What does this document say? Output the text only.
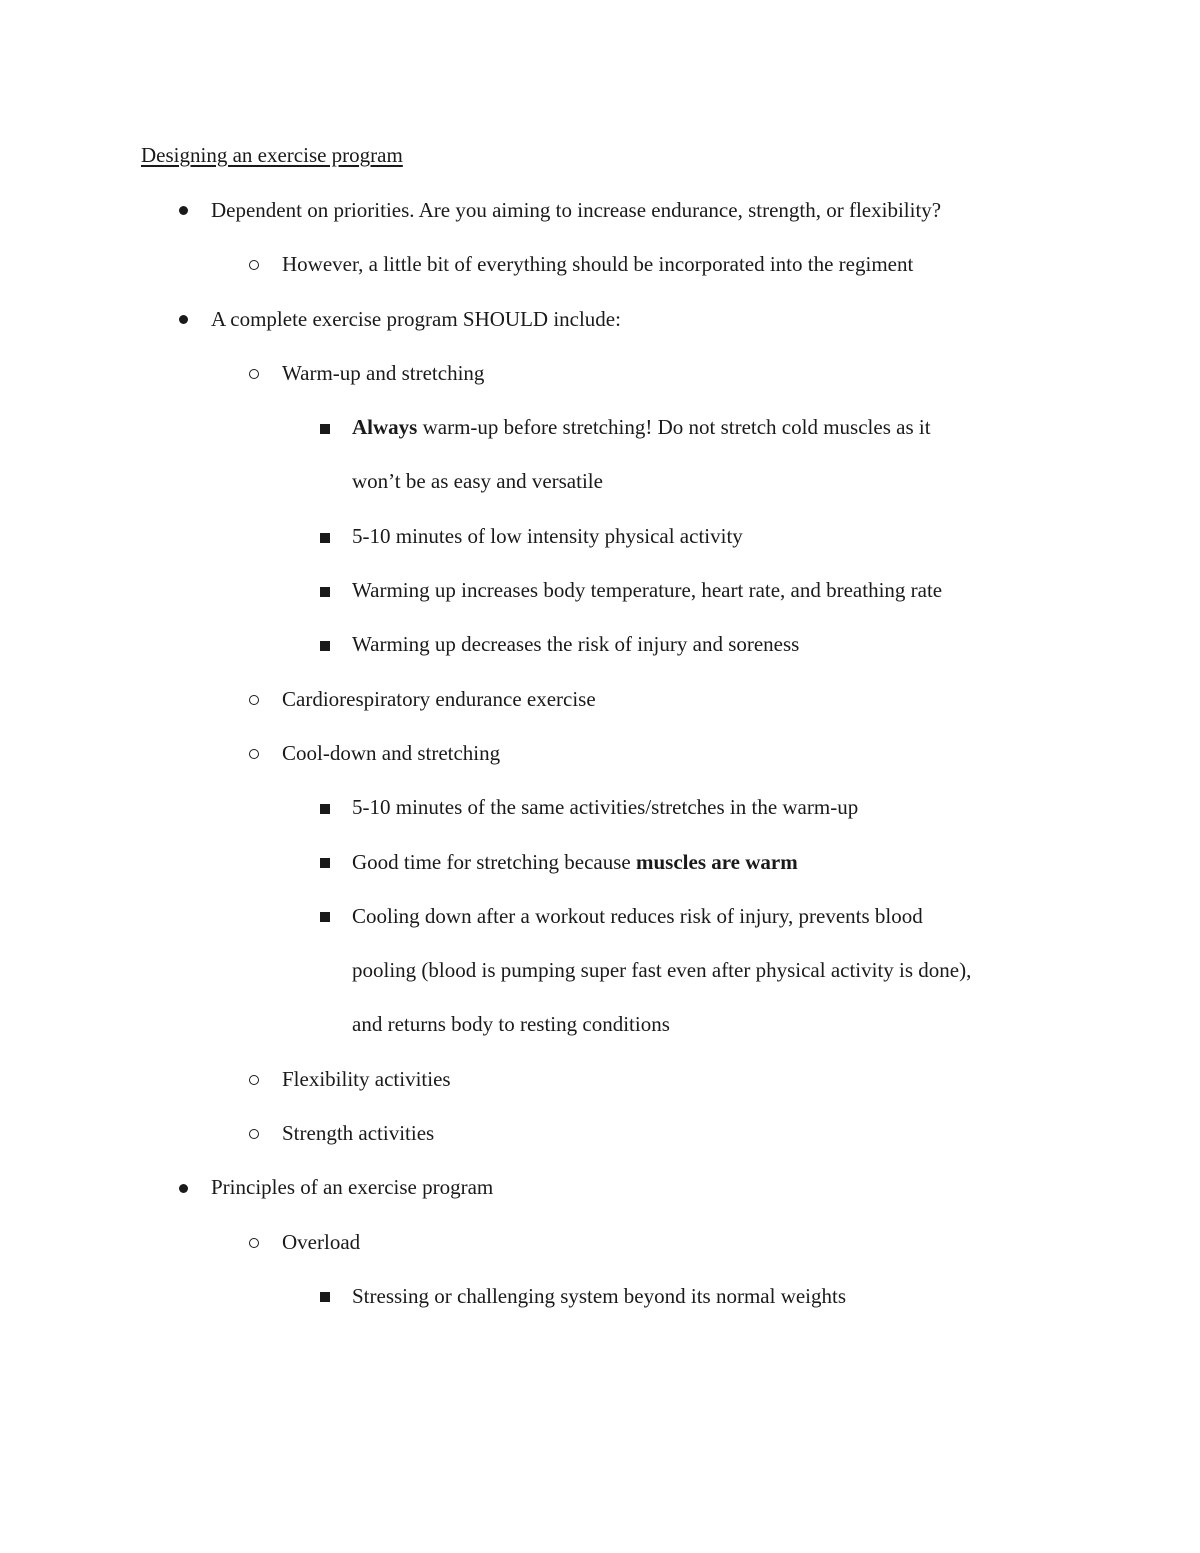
Designing an exercise program
Dependent on priorities. Are you aiming to increase endurance, strength, or flexibility?
However, a little bit of everything should be incorporated into the regiment
A complete exercise program SHOULD include:
Warm-up and stretching
Always warm-up before stretching! Do not stretch cold muscles as it
won’t be as easy and versatile
5-10 minutes of low intensity physical activity
Warming up increases body temperature, heart rate, and breathing rate
Warming up decreases the risk of injury and soreness
Cardiorespiratory endurance exercise
Cool-down and stretching
5-10 minutes of the same activities/stretches in the warm-up
Good time for stretching because muscles are warm
Cooling down after a workout reduces risk of injury, prevents blood
pooling (blood is pumping super fast even after physical activity is done),
and returns body to resting conditions
Flexibility activities
Strength activities
Principles of an exercise program
Overload
Stressing or challenging system beyond its normal weights
